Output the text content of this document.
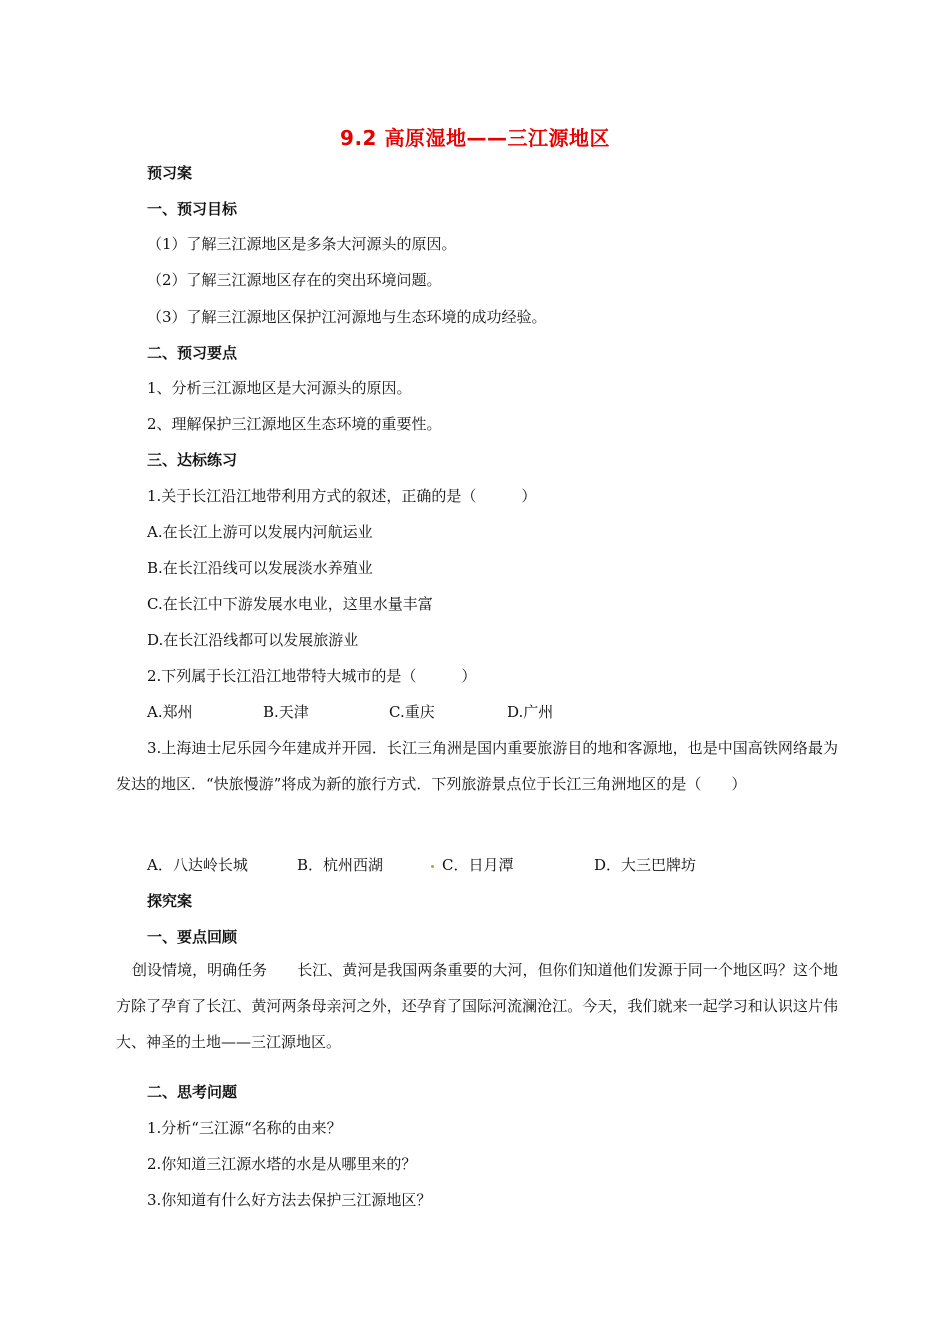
9.2 高原湿地——三江源地区
预习案
一、预习目标
（1）了解三江源地区是多条大河源头的原因。
（2）了解三江源地区存在的突出环境问题。
（3）了解三江源地区保护江河源地与生态环境的成功经验。
二、预习要点
1、分析三江源地区是大河源头的原因。
2、理解保护三江源地区生态环境的重要性。
三、达标练习
1.关于长江沿江地带利用方式的叙述，正确的是（　　　）
A.在长江上游可以发展内河航运业
B.在长江沿线可以发展淡水养殖业
C.在长江中下游发展水电业，这里水量丰富
D.在长江沿线都可以发展旅游业
2.下列属于长江沿江地带特大城市的是（　　　）
A.郑州	B.天津	C.重庆	D.广州
3.上海迪士尼乐园今年建成并开园．长江三角洲是国内重要旅游目的地和客源地，也是中国高铁网络最为发达的地区．“快旅慢游”将成为新的旅行方式．下列旅游景点位于长江三角洲地区的是（　　）
A．八达岭长城	B．杭州西湖	C．日月潭	D．大三巴牌坊
探究案
一、要点回顾
创设情境，明确任务　　长江、黄河是我国两条重要的大河，但你们知道他们发源于同一个地区吗？这个地方除了孕育了长江、黄河两条母亲河之外，还孕育了国际河流澜沧江。今天，我们就来一起学习和认识这片伟大、神圣的土地——三江源地区。
二、思考问题
1.分析“三江源“名称的由来？
2.你知道三江源水塔的水是从哪里来的？
3.你知道有什么好方法去保护三江源地区？
